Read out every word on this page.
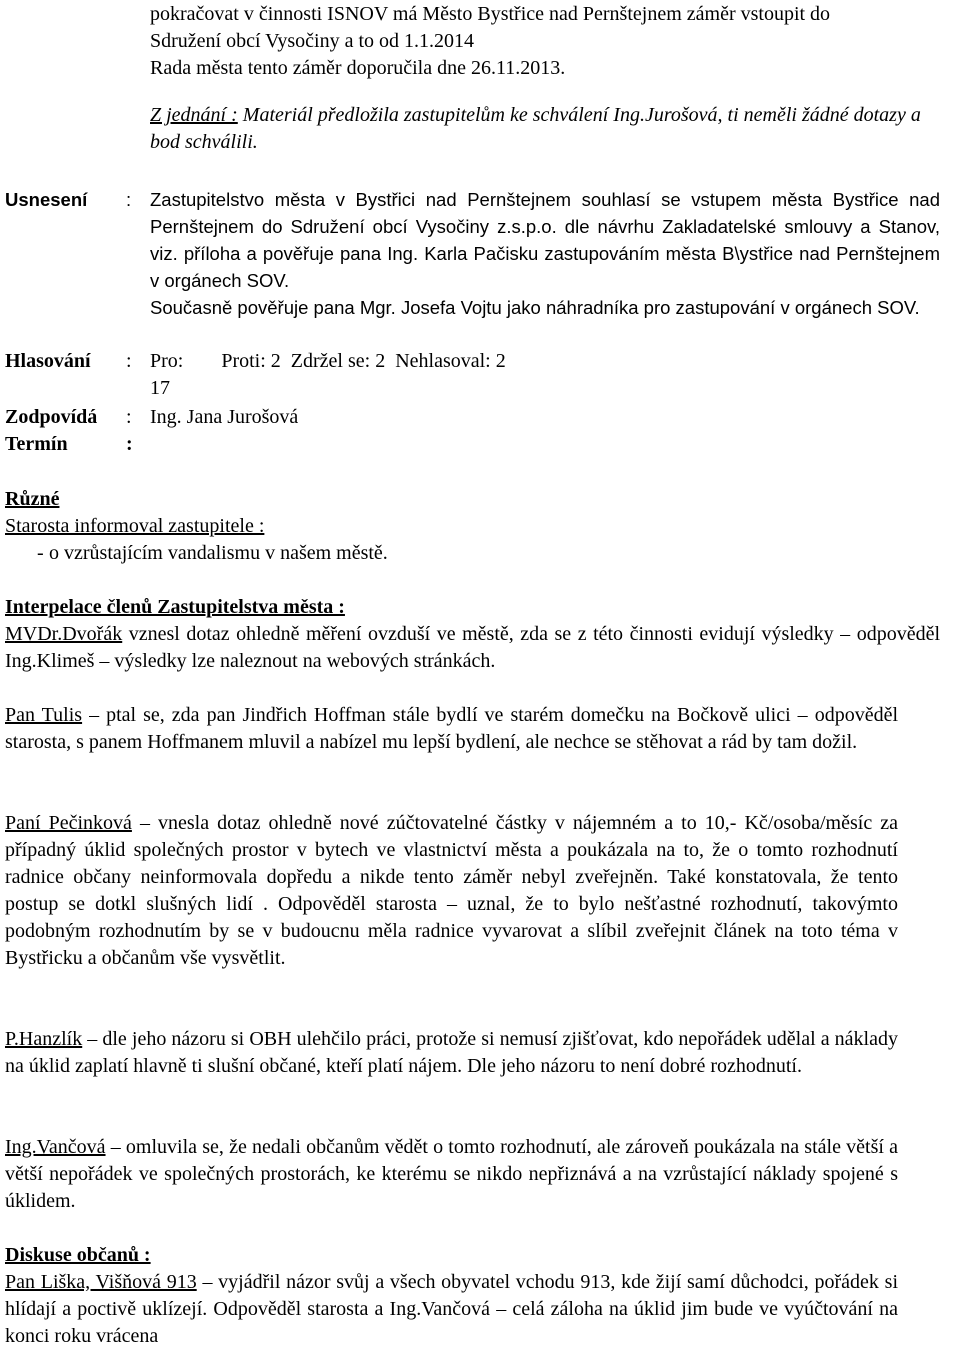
pokračovat v činnosti ISNOV má Město Bystřice nad Pernštejnem záměr vstoupit do

Sdružení obcí Vysočiny a to od 1.1.2014

Rada města tento záměr doporučila dne 26.11.2013.

Z jednání : Materiál předložila zastupitelům ke schválení Ing.Jurošová, ti neměli žádné dotazy a bod schválili.

Usnesení : Zastupitelstvo města v Bystřici nad Pernštejnem souhlasí se vstupem města Bystřice nad Pernštejnem do Sdružení obcí Vysočiny z.s.p.o. dle návrhu Zakladatelské smlouvy a Stanov, viz. příloha a pověřuje pana Ing. Karla Pačisku zastupováním města B\ystřice nad Pernštejnem v orgánech SOV.

Současně pověřuje pana Mgr. Josefa Vojtu jako náhradníka pro zastupování v orgánech SOV.

Hlasování : Pro: Proti: 2 Zdržel se: 2 Nehlasoval: 2
17
Zodpovídá : Ing. Jana Jurošová
Termín	:

Různé

Starosta informoval zastupitele :

- o vzrůstajícím vandalismu v našem městě.

Interpelace členů Zastupitelstva města :

MVDr.Dvořák vznesl dotaz ohledně měření ovzduší ve městě, zda se z této činnosti evidují výsledky – odpověděl Ing.Klimeš – výsledky lze naleznout na webových stránkách.

Pan Tulis – ptal se, zda pan Jindřich Hoffman stále bydlí ve starém domečku na Bočkově ulici – odpověděl starosta, s panem Hoffmanem mluvil a nabízel mu lepší bydlení, ale nechce se stěhovat a rád by tam dožil.

Paní Pečinková – vnesla dotaz ohledně nové zúčtovatelné částky v nájemném a to 10,- Kč/osoba/měsíc za případný úklid společných prostor v bytech ve vlastnictví města a poukázala na to, že o tomto rozhodnutí radnice občany neinformovala dopředu a nikde tento záměr nebyl zveřejněn. Také konstatovala, že tento postup se dotkl slušných lidí . Odpověděl starosta – uznal, že to bylo nešťastné rozhodnutí, takovýmto podobným rozhodnutím by se v budoucnu měla radnice vyvarovat a slíbil zveřejnit článek na toto téma v Bystřicku a občanům vše vysvětlit.

P.Hanzlík – dle jeho názoru si OBH ulehčilo práci, protože si nemusí zjišťovat, kdo nepořádek udělal a náklady na úklid zaplatí hlavně ti slušní občané, kteří platí nájem. Dle jeho názoru to není dobré rozhodnutí.

Ing.Vančová – omluvila se, že nedali občanům vědět o tomto rozhodnutí, ale zároveň poukázala na stále větší a větší nepořádek ve společných prostorách, ke kterému se nikdo nepřiznává a na vzrůstající náklady spojené s úklidem.

Diskuse občanů :

Pan Liška, Višňová 913 – vyjádřil názor svůj a všech obyvatel vchodu 913, kde žijí samí důchodci, pořádek si hlídají a poctivě uklízejí. Odpověděl starosta a Ing.Vančová – celá záloha na úklid jim bude ve vyúčtování na konci roku vrácena
